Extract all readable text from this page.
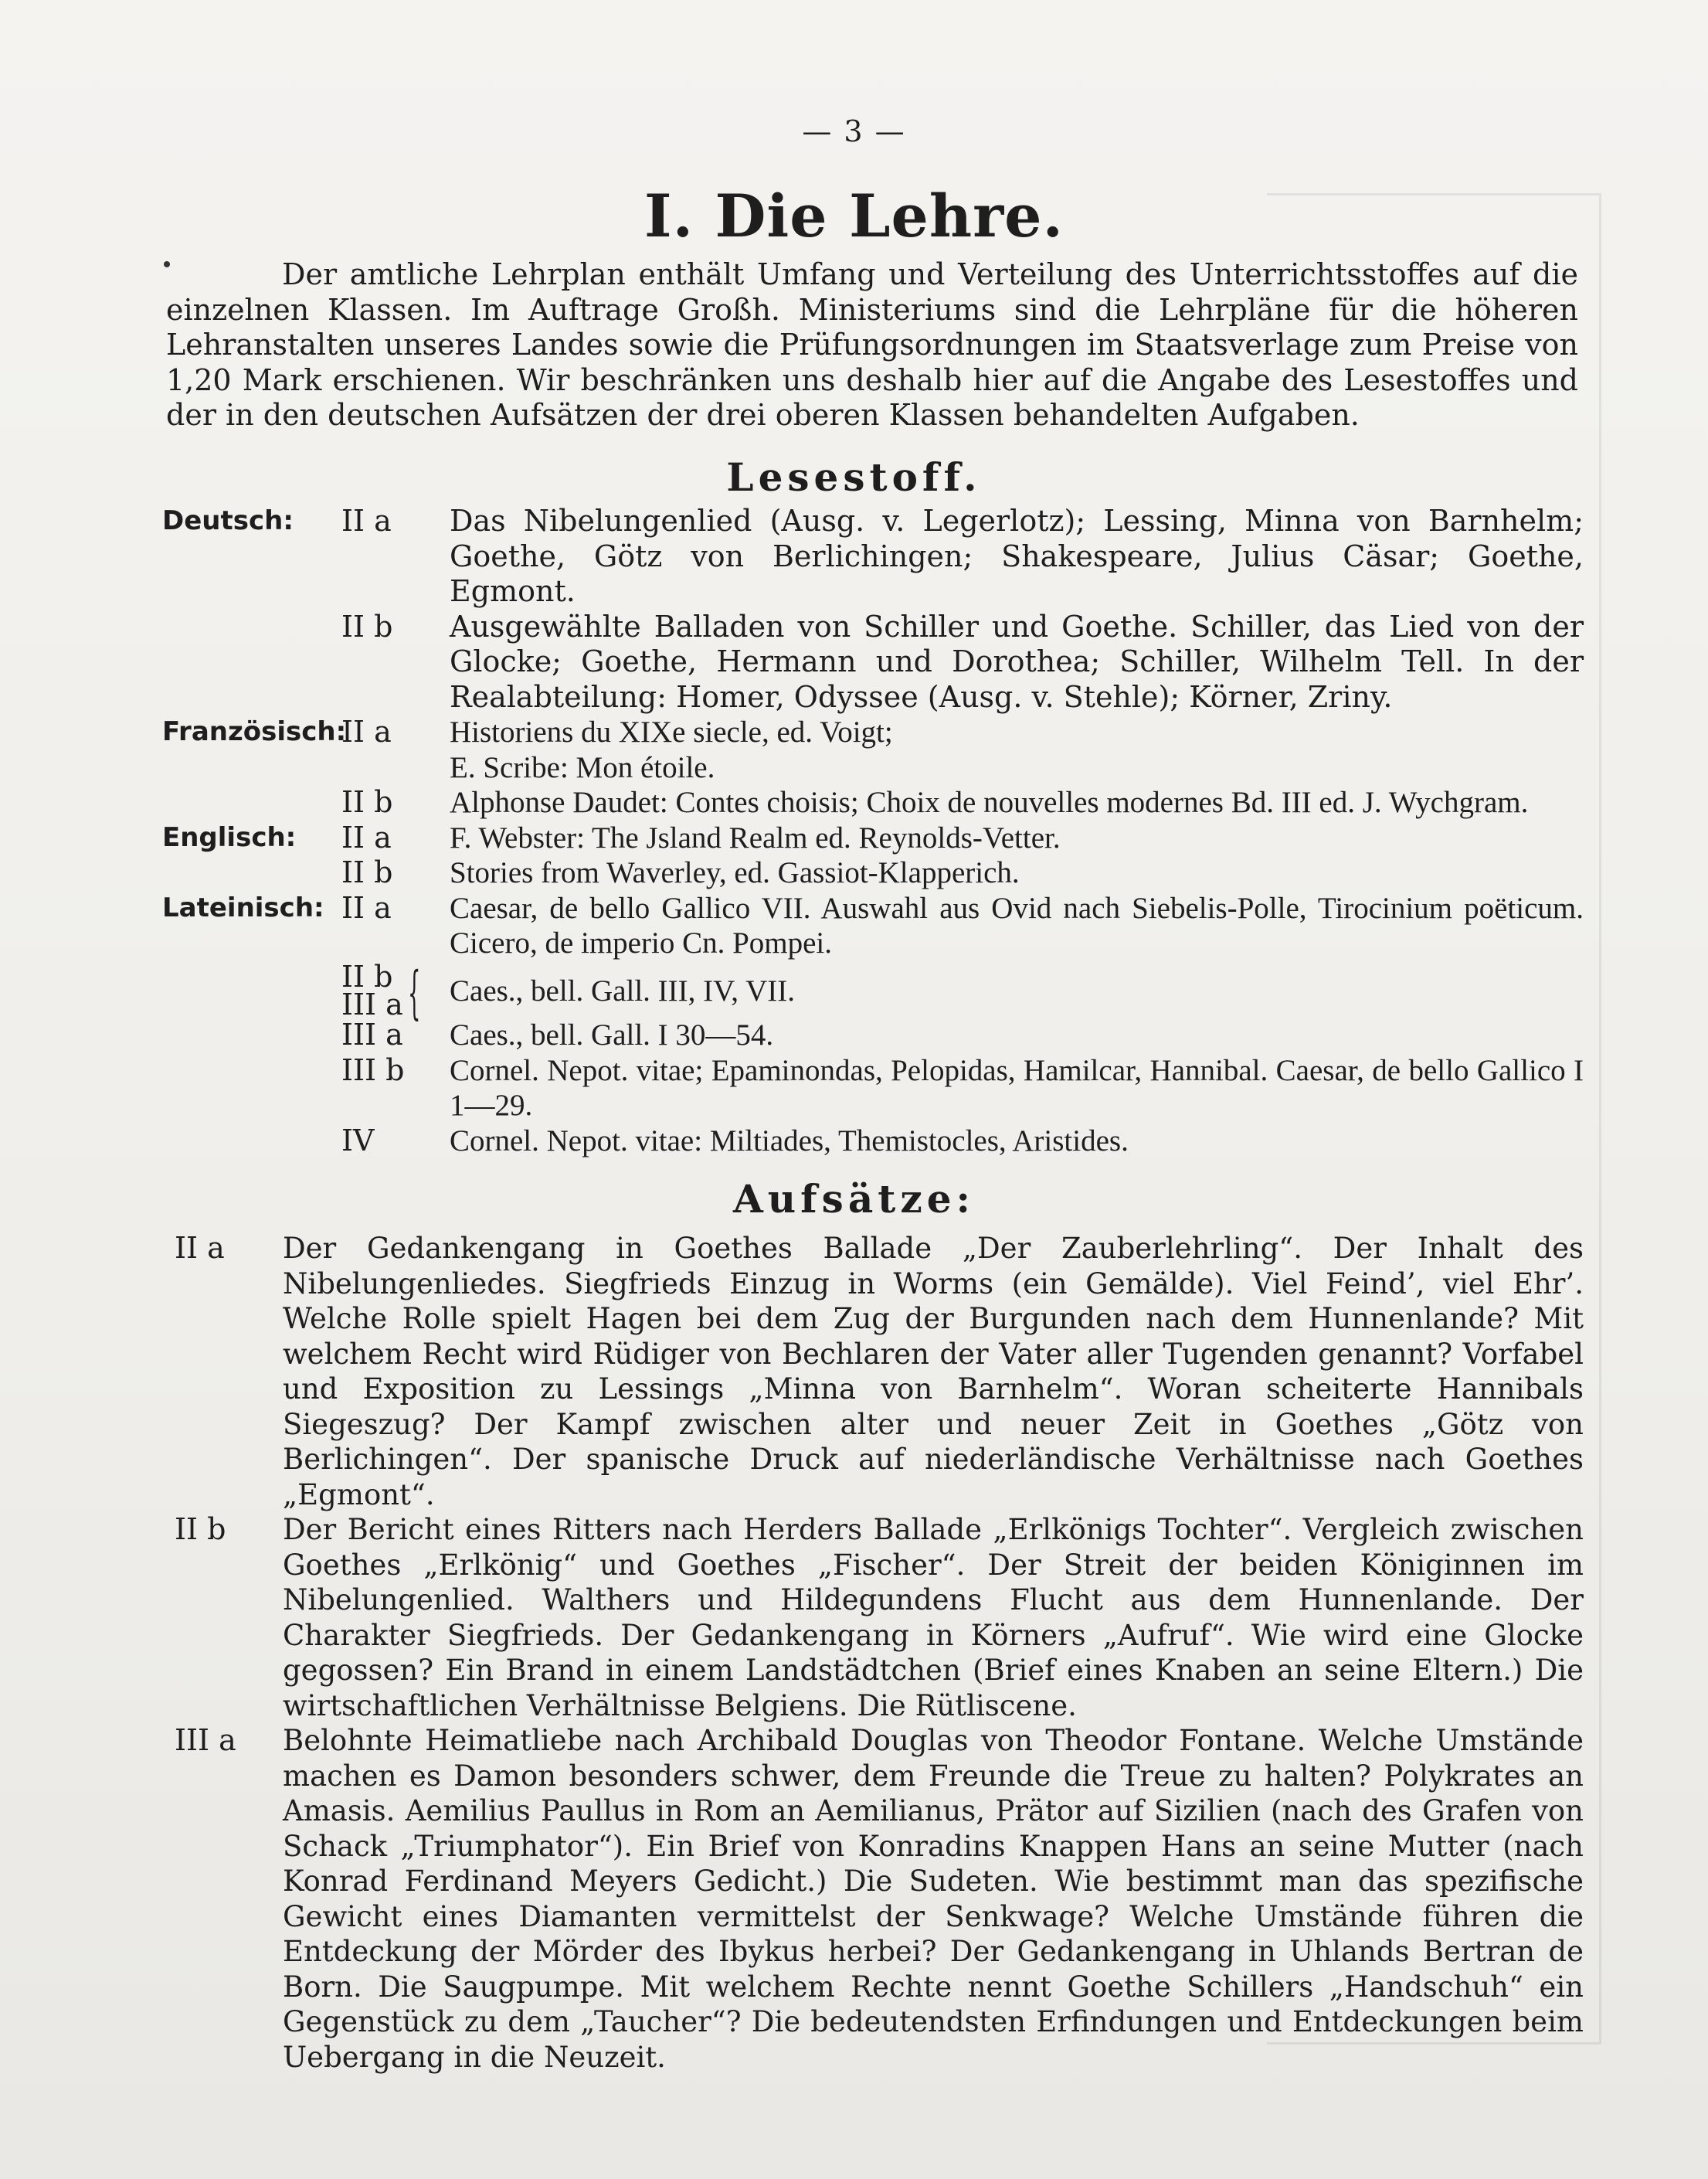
— 3 —
I. Die Lehre.

Der amtliche Lehrplan enthält Umfang und Verteilung des Unterrichtsstoffes auf die einzelnen Klassen. Im Auftrage Großh. Ministeriums sind die Lehrpläne für die höheren Lehranstalten unseres Landes sowie die Prüfungsordnungen im Staatsverlage zum Preise von 1,20 Mark erschienen. Wir beschränken uns deshalb hier auf die Angabe des Lesestoffes und der in den deutschen Aufsätzen der drei oberen Klassen behandelten Aufgaben.

Lesestoff.
Deutsch:	II a	Das Nibelungenlied (Ausg. v. Legerlotz); Lessing, Minna von Barnhelm; Goethe, Götz von Berlichingen; Shakespeare, Julius Cäsar; Goethe, Egmont.

II b	Ausgewählte Balladen von Schiller und Goethe. Schiller, das Lied von der Glocke; Goethe, Hermann und Dorothea; Schiller, Wilhelm Tell. In der Realabteilung: Homer, Odyssee (Ausg. v. Stehle); Körner, Zriny.

Französisch:
II a	Historiens du XIXe siecle, ed. Voigt;
E. Scribe: Mon étoile.

II b	Alphonse Daudet: Contes choisis; Choix de nouvelles modernes Bd. III ed. J. Wychgram.

Englisch:	II a	F. Webster: The Jsland Realm ed. Reynolds-Vetter.

II b	Stories from Waverley, ed. Gassiot-Klapperich.

Lateinisch: II a	Caesar, de bello Gallico VII. Auswahl aus Ovid nach Siebelis-Polle, Tirocinium poëticum. Cicero, de imperio Cn. Pompei.

II b
III a { Caes., bell. Gall. III, IV, VII.

III a	Caes., bell. Gall. I 30—54.

III b	Cornel. Nepot. vitae; Epaminondas, Pelopidas, Hamilcar, Hannibal. Caesar, de bello Gallico I 1—29.

IV	Cornel. Nepot. vitae: Miltiades, Themistocles, Aristides.

Aufsätze:
II a	Der Gedankengang in Goethes Ballade „Der Zauberlehrling“. Der Inhalt des Nibelungenliedes. Siegfrieds Einzug in Worms (ein Gemälde). Viel Feind’, viel Ehr’. Welche Rolle spielt Hagen bei dem Zug der Burgunden nach dem Hunnenlande? Mit welchem Recht wird Rüdiger von Bechlaren der Vater aller Tugenden genannt? Vorfabel und Exposition zu Lessings „Minna von Barnhelm“. Woran scheiterte Hannibals Siegeszug? Der Kampf zwischen alter und neuer Zeit in Goethes „Götz von Berlichingen“. Der spanische Druck auf niederländische Verhältnisse nach Goethes „Egmont“.

II b	Der Bericht eines Ritters nach Herders Ballade „Erlkönigs Tochter“. Vergleich zwischen Goethes „Erlkönig“ und Goethes „Fischer“. Der Streit der beiden Königinnen im Nibelungenlied. Walthers und Hildegundens Flucht aus dem Hunnenlande. Der Charakter Siegfrieds. Der Gedankengang in Körners „Aufruf“. Wie wird eine Glocke gegossen? Ein Brand in einem Landstädtchen (Brief eines Knaben an seine Eltern.) Die wirtschaftlichen Verhältnisse Belgiens. Die Rütliscene.

III a	Belohnte Heimatliebe nach Archibald Douglas von Theodor Fontane. Welche Umstände machen es Damon besonders schwer, dem Freunde die Treue zu halten? Polykrates an Amasis. Aemilius Paullus in Rom an Aemilianus, Prätor auf Sizilien (nach des Grafen von Schack „Triumphator“). Ein Brief von Konradins Knappen Hans an seine Mutter (nach Konrad Ferdinand Meyers Gedicht.) Die Sudeten. Wie bestimmt man das spezifische Gewicht eines Diamanten vermittelst der Senkwage? Welche Umstände führen die Entdeckung der Mörder des Ibykus herbei? Der Gedankengang in Uhlands Bertran de Born. Die Saugpumpe. Mit welchem Rechte nennt Goethe Schillers „Handschuh“ ein Gegenstück zu dem „Taucher“? Die bedeutendsten Erfindungen und Entdeckungen beim Uebergang in die Neuzeit.
